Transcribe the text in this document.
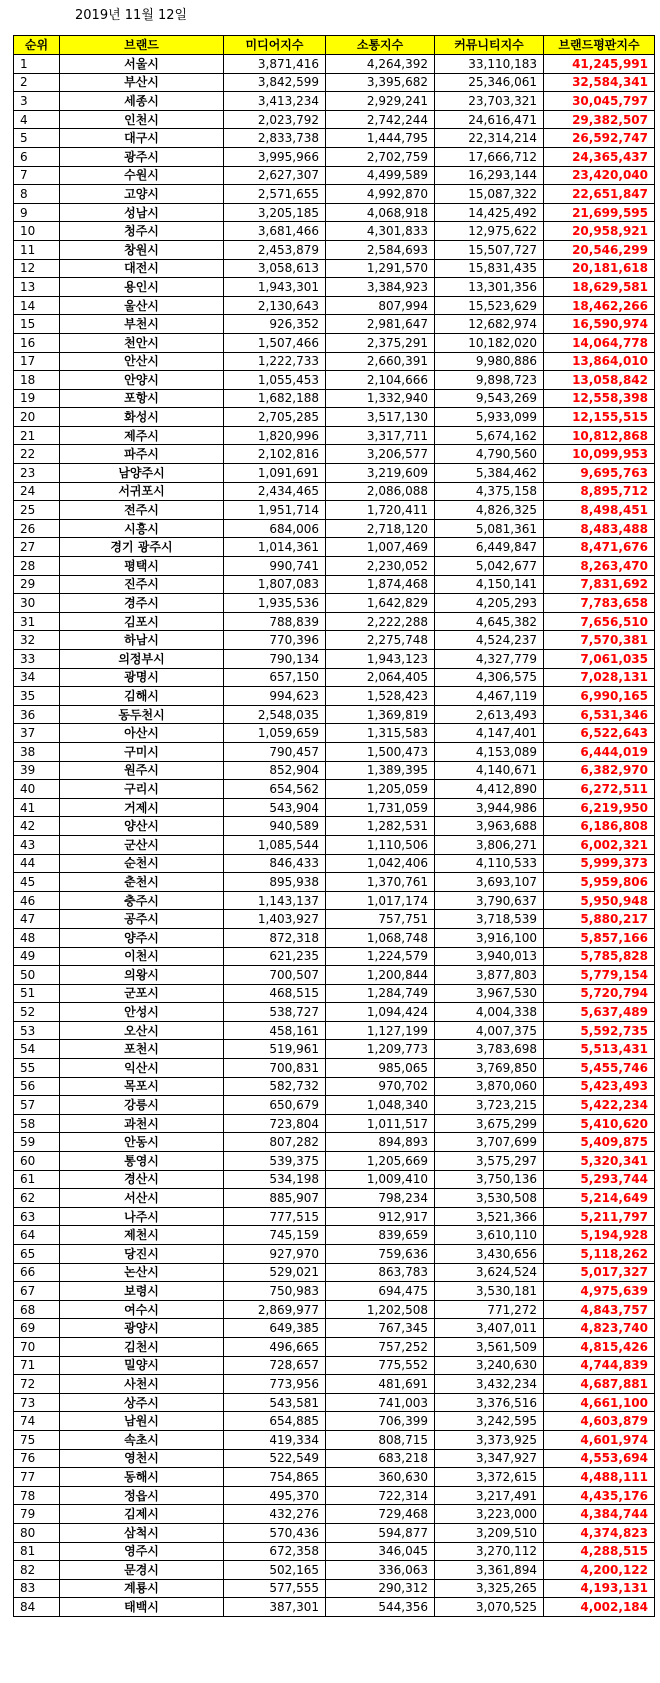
2019년 11월 12일
순위	브랜드	미디어지수	소통지수	커뮤니티지수	브랜드평판지수
1	서울시	3,871,416	4,264,392	33,110,183	41,245,991
2	부산시	3,842,599	3,395,682	25,346,061	32,584,341
3	세종시	3,413,234	2,929,241	23,703,321	30,045,797
4	인천시	2,023,792	2,742,244	24,616,471	29,382,507
5	대구시	2,833,738	1,444,795	22,314,214	26,592,747
6	광주시	3,995,966	2,702,759	17,666,712	24,365,437
7	수원시	2,627,307	4,499,589	16,293,144	23,420,040
8	고양시	2,571,655	4,992,870	15,087,322	22,651,847
9	성남시	3,205,185	4,068,918	14,425,492	21,699,595
10	청주시	3,681,466	4,301,833	12,975,622	20,958,921
11	창원시	2,453,879	2,584,693	15,507,727	20,546,299
12	대전시	3,058,613	1,291,570	15,831,435	20,181,618
13	용인시	1,943,301	3,384,923	13,301,356	18,629,581
14	울산시	2,130,643	807,994	15,523,629	18,462,266
15	부천시	926,352	2,981,647	12,682,974	16,590,974
16	천안시	1,507,466	2,375,291	10,182,020	14,064,778
17	안산시	1,222,733	2,660,391	9,980,886	13,864,010
18	안양시	1,055,453	2,104,666	9,898,723	13,058,842
19	포항시	1,682,188	1,332,940	9,543,269	12,558,398
20	화성시	2,705,285	3,517,130	5,933,099	12,155,515
21	제주시	1,820,996	3,317,711	5,674,162	10,812,868
22	파주시	2,102,816	3,206,577	4,790,560	10,099,953
23	남양주시	1,091,691	3,219,609	5,384,462	9,695,763
24	서귀포시	2,434,465	2,086,088	4,375,158	8,895,712
25	전주시	1,951,714	1,720,411	4,826,325	8,498,451
26	시흥시	684,006	2,718,120	5,081,361	8,483,488
27	경기 광주시	1,014,361	1,007,469	6,449,847	8,471,676
28	평택시	990,741	2,230,052	5,042,677	8,263,470
29	진주시	1,807,083	1,874,468	4,150,141	7,831,692
30	경주시	1,935,536	1,642,829	4,205,293	7,783,658
31	김포시	788,839	2,222,288	4,645,382	7,656,510
32	하남시	770,396	2,275,748	4,524,237	7,570,381
33	의정부시	790,134	1,943,123	4,327,779	7,061,035
34	광명시	657,150	2,064,405	4,306,575	7,028,131
35	김해시	994,623	1,528,423	4,467,119	6,990,165
36	동두천시	2,548,035	1,369,819	2,613,493	6,531,346
37	아산시	1,059,659	1,315,583	4,147,401	6,522,643
38	구미시	790,457	1,500,473	4,153,089	6,444,019
39	원주시	852,904	1,389,395	4,140,671	6,382,970
40	구리시	654,562	1,205,059	4,412,890	6,272,511
41	거제시	543,904	1,731,059	3,944,986	6,219,950
42	양산시	940,589	1,282,531	3,963,688	6,186,808
43	군산시	1,085,544	1,110,506	3,806,271	6,002,321
44	순천시	846,433	1,042,406	4,110,533	5,999,373
45	춘천시	895,938	1,370,761	3,693,107	5,959,806
46	충주시	1,143,137	1,017,174	3,790,637	5,950,948
47	공주시	1,403,927	757,751	3,718,539	5,880,217
48	양주시	872,318	1,068,748	3,916,100	5,857,166
49	이천시	621,235	1,224,579	3,940,013	5,785,828
50	의왕시	700,507	1,200,844	3,877,803	5,779,154
51	군포시	468,515	1,284,749	3,967,530	5,720,794
52	안성시	538,727	1,094,424	4,004,338	5,637,489
53	오산시	458,161	1,127,199	4,007,375	5,592,735
54	포천시	519,961	1,209,773	3,783,698	5,513,431
55	익산시	700,831	985,065	3,769,850	5,455,746
56	목포시	582,732	970,702	3,870,060	5,423,493
57	강릉시	650,679	1,048,340	3,723,215	5,422,234
58	과천시	723,804	1,011,517	3,675,299	5,410,620
59	안동시	807,282	894,893	3,707,699	5,409,875
60	통영시	539,375	1,205,669	3,575,297	5,320,341
61	경산시	534,198	1,009,410	3,750,136	5,293,744
62	서산시	885,907	798,234	3,530,508	5,214,649
63	나주시	777,515	912,917	3,521,366	5,211,797
64	제천시	745,159	839,659	3,610,110	5,194,928
65	당진시	927,970	759,636	3,430,656	5,118,262
66	논산시	529,021	863,783	3,624,524	5,017,327
67	보령시	750,983	694,475	3,530,181	4,975,639
68	여수시	2,869,977	1,202,508	771,272	4,843,757
69	광양시	649,385	767,345	3,407,011	4,823,740
70	김천시	496,665	757,252	3,561,509	4,815,426
71	밀양시	728,657	775,552	3,240,630	4,744,839
72	사천시	773,956	481,691	3,432,234	4,687,881
73	상주시	543,581	741,003	3,376,516	4,661,100
74	남원시	654,885	706,399	3,242,595	4,603,879
75	속초시	419,334	808,715	3,373,925	4,601,974
76	영천시	522,549	683,218	3,347,927	4,553,694
77	동해시	754,865	360,630	3,372,615	4,488,111
78	정읍시	495,370	722,314	3,217,491	4,435,176
79	김제시	432,276	729,468	3,223,000	4,384,744
80	삼척시	570,436	594,877	3,209,510	4,374,823
81	영주시	672,358	346,045	3,270,112	4,288,515
82	문경시	502,165	336,063	3,361,894	4,200,122
83	계룡시	577,555	290,312	3,325,265	4,193,131
84	태백시	387,301	544,356	3,070,525	4,002,184
